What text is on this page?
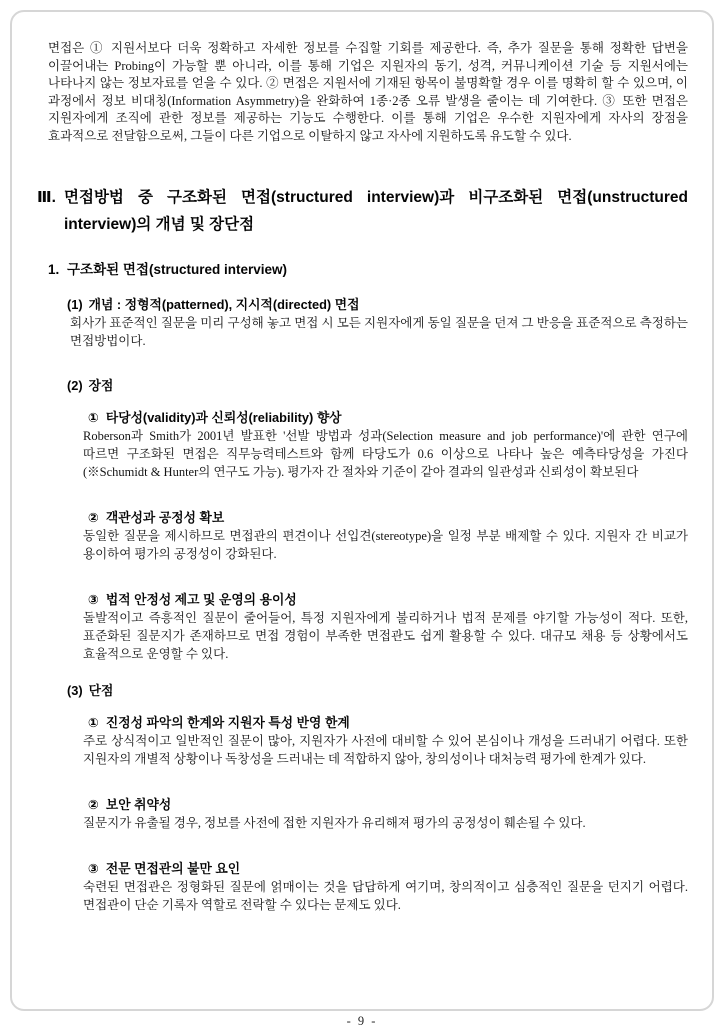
면접은 ① 지원서보다 더욱 정확하고 자세한 정보를 수집할 기회를 제공한다. 즉, 추가 질문을 통해 정확한 답변을 이끌어내는 Probing이 가능할 뿐 아니라, 이를 통해 기업은 지원자의 동기, 성격, 커뮤니케이션 기술 등 지원서에는 나타나지 않는 정보자료를 얻을 수 있다. ② 면접은 지원서에 기재된 항목이 불명확할 경우 이를 명확히 할 수 있으며, 이 과정에서 정보 비대칭(Information Asymmetry)을 완화하여 1종·2종 오류 발생을 줄이는 데 기여한다. ③ 또한 면접은 지원자에게 조직에 관한 정보를 제공하는 기능도 수행한다. 이를 통해 기업은 우수한 지원자에게 자사의 장점을 효과적으로 전달함으로써, 그들이 다른 기업으로 이탈하지 않고 자사에 지원하도록 유도할 수 있다.

Ⅲ. 면접방법 중 구조화된 면접(structured interview)과 비구조화된 면접(unstructured interview)의 개념 및 장단점
1. 구조화된 면접(structured interview)
(1) 개념 : 정형적(patterned), 지시적(directed) 면접

회사가 표준적인 질문을 미리 구성해 놓고 면접 시 모든 지원자에게 동일 질문을 던져 그 반응을 표준적으로 측정하는 면접방법이다.

(2) 장점
① 타당성(validity)과 신뢰성(reliability) 향상

Roberson과 Smith가 2001년 발표한 '선발 방법과 성과(Selection measure and job performance)'에 관한 연구에 따르면 구조화된 면접은 직무능력테스트와 함께 타당도가 0.6 이상으로 나타나 높은 예측타당성을 가진다(※Schumidt & Hunter의 연구도 가능). 평가자 간 절차와 기준이 같아 결과의 일관성과 신뢰성이 확보된다

② 객관성과 공정성 확보

동일한 질문을 제시하므로 면접관의 편견이나 선입견(stereotype)을 일정 부분 배제할 수 있다. 지원자 간 비교가 용이하여 평가의 공정성이 강화된다.

③ 법적 안정성 제고 및 운영의 용이성

돌발적이고 즉흥적인 질문이 줄어들어, 특정 지원자에게 불리하거나 법적 문제를 야기할 가능성이 적다. 또한, 표준화된 질문지가 존재하므로 면접 경험이 부족한 면접관도 쉽게 활용할 수 있다. 대규모 채용 등 상황에서도 효율적으로 운영할 수 있다.

(3) 단점
① 진정성 파악의 한계와 지원자 특성 반영 한계

주로 상식적이고 일반적인 질문이 많아, 지원자가 사전에 대비할 수 있어 본심이나 개성을 드러내기 어렵다. 또한 지원자의 개별적 상황이나 독창성을 드러내는 데 적합하지 않아, 창의성이나 대처능력 평가에 한계가 있다.

② 보안 취약성

질문지가 유출될 경우, 정보를 사전에 접한 지원자가 유리해져 평가의 공정성이 훼손될 수 있다.

③ 전문 면접관의 불만 요인

숙련된 면접관은 정형화된 질문에 얽매이는 것을 답답하게 여기며, 창의적이고 심층적인 질문을 던지기 어렵다. 면접관이 단순 기록자 역할로 전락할 수 있다는 문제도 있다.

- 9 -
